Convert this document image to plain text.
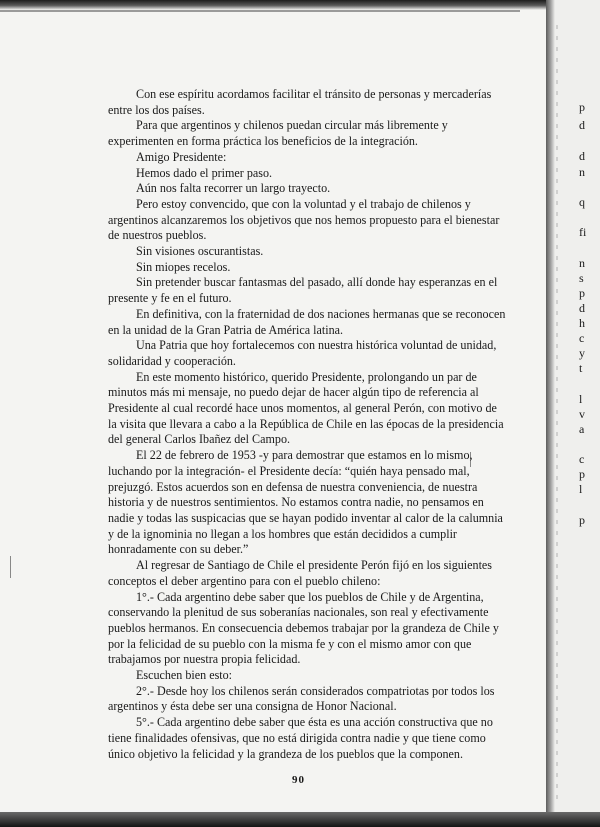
p
d
d
n
q
fi
n
s
p
d
h
c
y
t
l
v
a
c
p
l
p

Con ese espíritu acordamos facilitar el tránsito de personas y mercaderías entre los dos países.

Para que argentinos y chilenos puedan circular más libremente y experimenten en forma práctica los beneficios de la integración.

Amigo Presidente:

Hemos dado el primer paso.

Aún nos falta recorrer un largo trayecto.

Pero estoy convencido, que con la voluntad y el trabajo de chilenos y argentinos alcanzaremos los objetivos que nos hemos propuesto para el bienestar de nuestros pueblos.

Sin visiones oscurantistas.

Sin miopes recelos.

Sin pretender buscar fantasmas del pasado, allí donde hay esperanzas en el presente y fe en el futuro.

En definitiva, con la fraternidad de dos naciones hermanas que se reconocen en la unidad de la Gran Patria de América latina.

Una Patria que hoy fortalecemos con nuestra histórica voluntad de unidad, solidaridad y cooperación.

En este momento histórico, querido Presidente, prolongando un par de minutos más mi mensaje, no puedo dejar de hacer algún tipo de referencia al Presidente al cual recordé hace unos momentos, al general Perón, con motivo de la visita que llevara a cabo a la República de Chile en las épocas de la presidencia del general Carlos Ibañez del Campo.

El 22 de febrero de 1953 -y para demostrar que estamos en lo mismo, luchando por la integración- el Presidente decía: “quién haya pensado mal, prejuzgó. Estos acuerdos son en defensa de nuestra conveniencia, de nuestra historia y de nuestros sentimientos. No estamos contra nadie, no pensamos en nadie y todas las suspicacias que se hayan podido inventar al calor de la calumnia y de la ignominia no llegan a los hombres que están decididos a cumplir honradamente con su deber.”

Al regresar de Santiago de Chile el presidente Perón fijó en los siguientes conceptos el deber argentino para con el pueblo chileno:

1°.- Cada argentino debe saber que los pueblos de Chile y de Argentina, conservando la plenitud de sus soberanías nacionales, son real y efectivamente pueblos hermanos. En consecuencia debemos trabajar por la grandeza de Chile y por la felicidad de su pueblo con la misma fe y con el mismo amor con que trabajamos por nuestra propia felicidad.

Escuchen bien esto:

2°.- Desde hoy los chilenos serán considerados compatriotas por todos los argentinos y ésta debe ser una consigna de Honor Nacional.

5°.- Cada argentino debe saber que ésta es una acción constructiva que no tiene finalidades ofensivas, que no está dirigida contra nadie y que tiene como único objetivo la felicidad y la grandeza de los pueblos que la componen.

90
